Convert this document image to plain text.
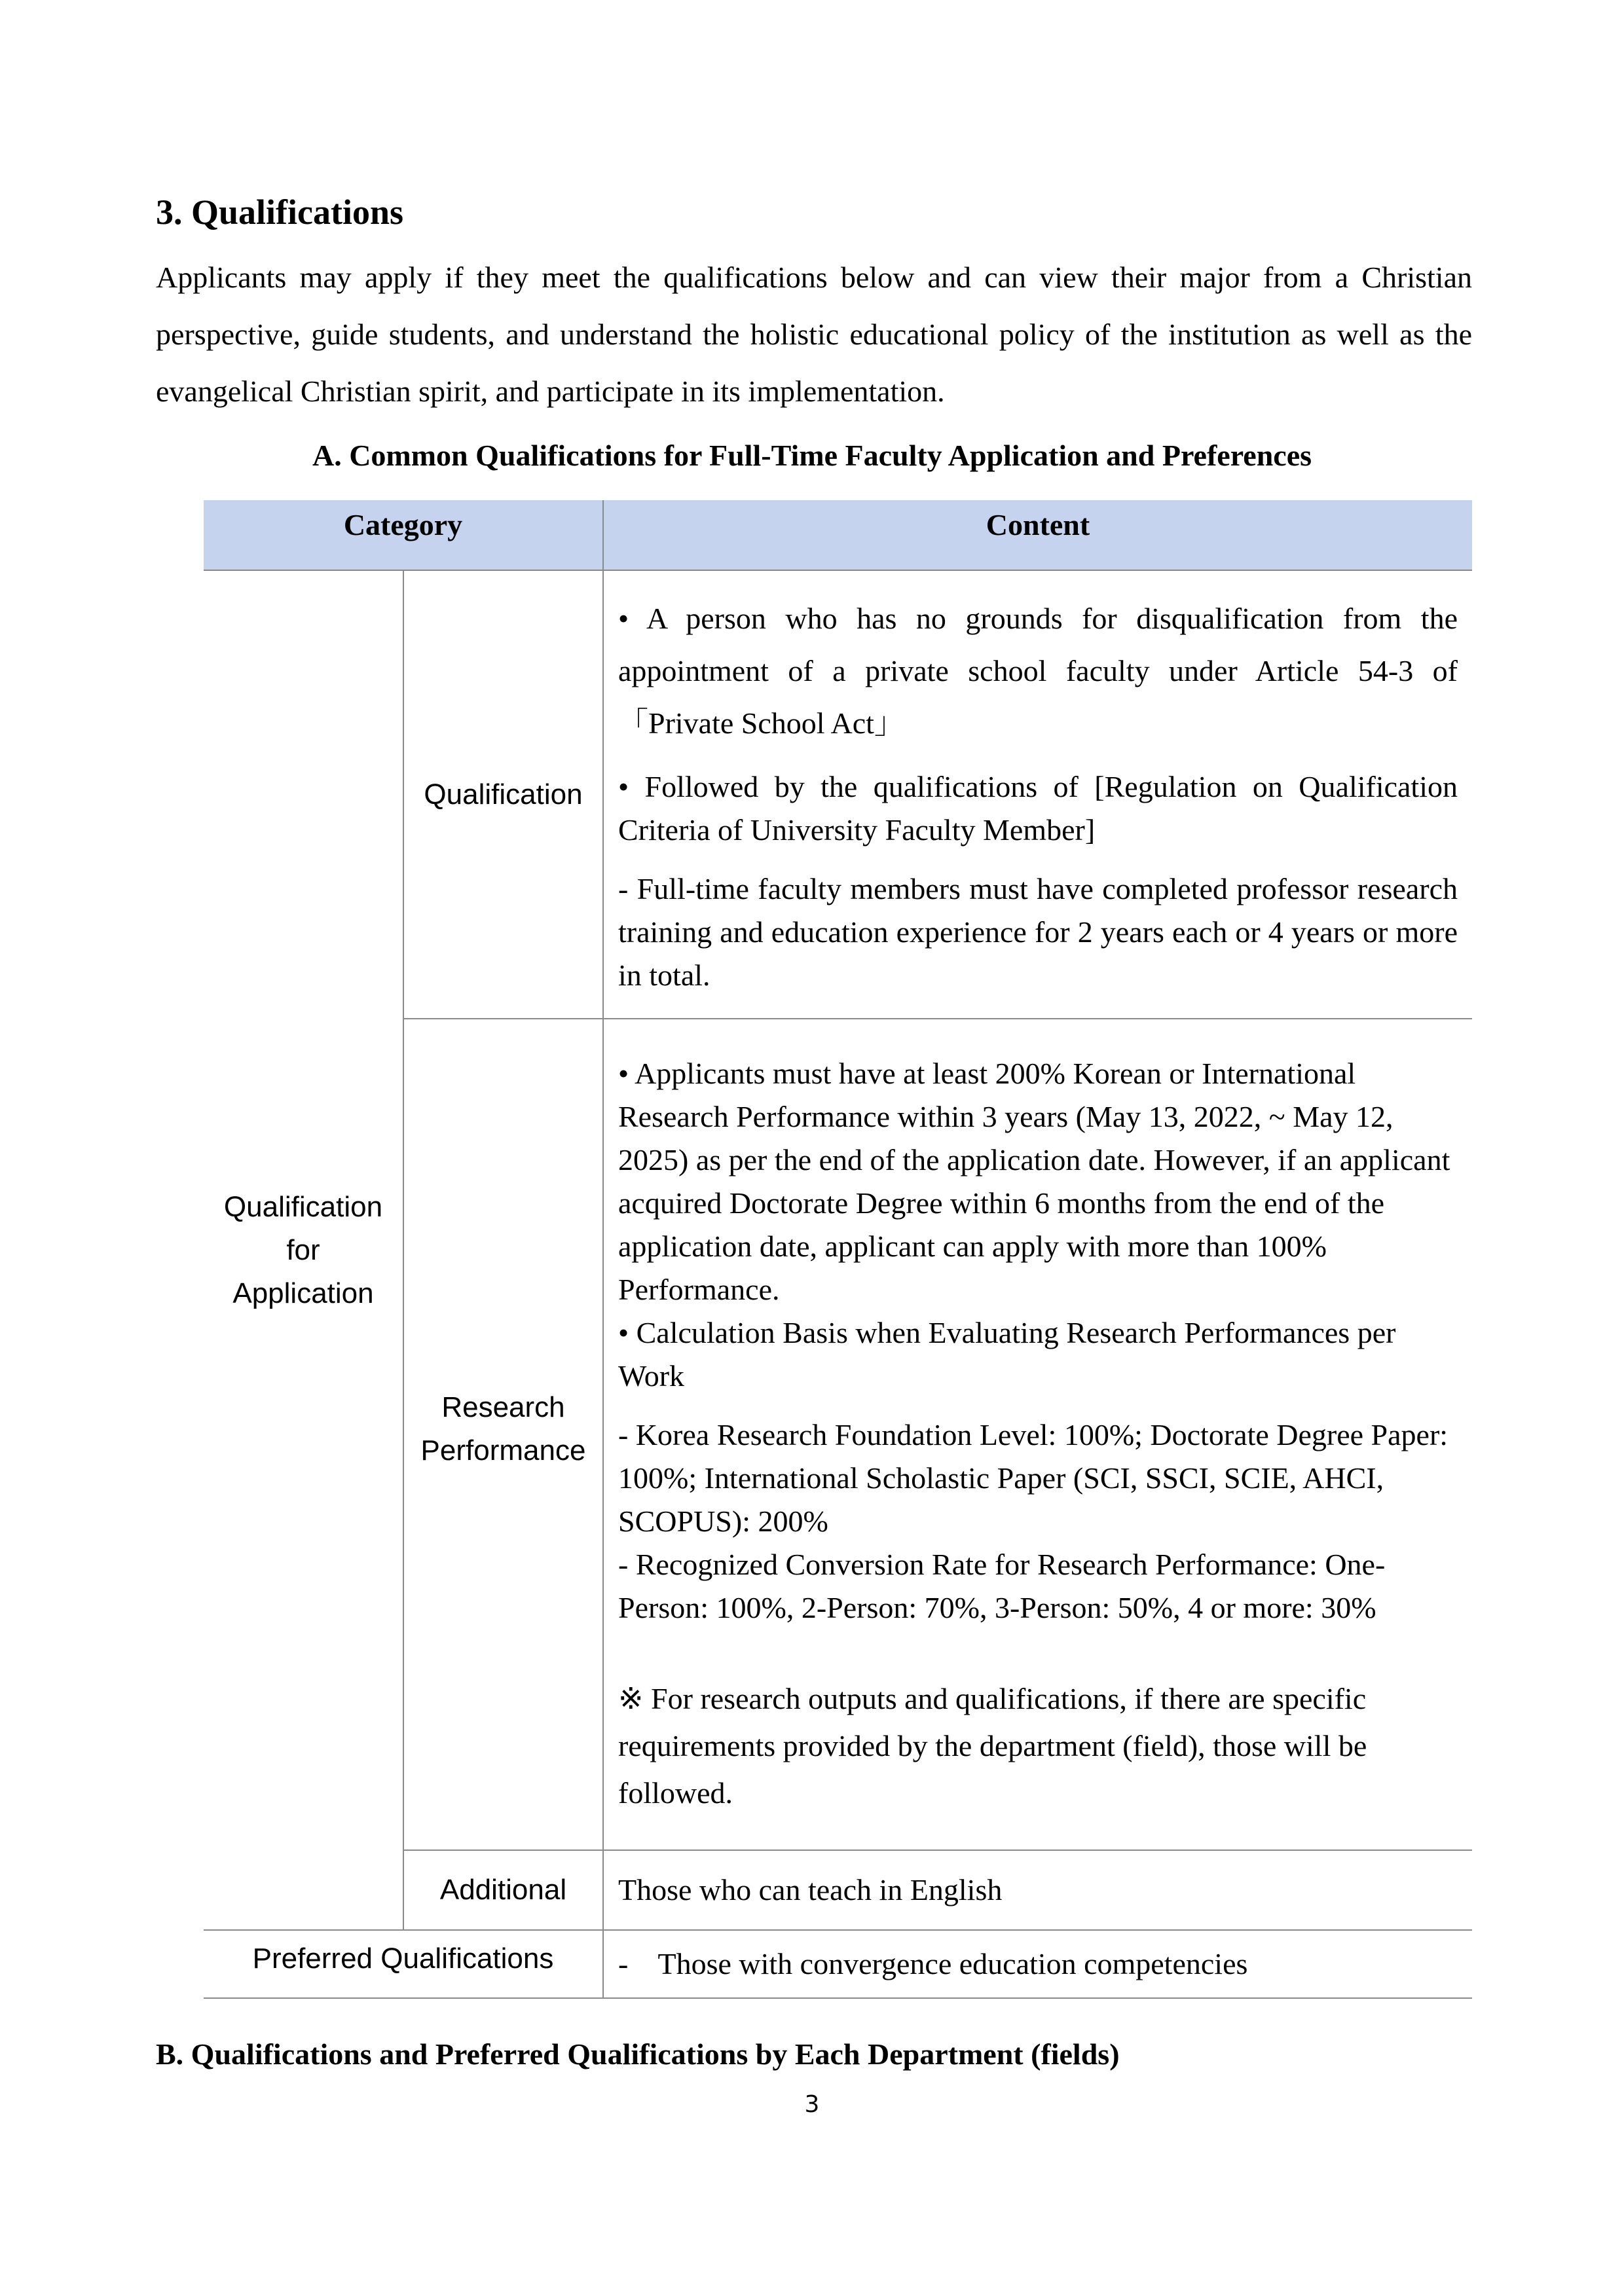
3. Qualifications
Applicants may apply if they meet the qualifications below and can view their major from a Christian perspective, guide students, and understand the holistic educational policy of the institution as well as the evangelical Christian spirit, and participate in its implementation.
A. Common Qualifications for Full-Time Faculty Application and Preferences
Category		Content
Qualification for Application	Qualification	• A person who has no grounds for disqualification from the appointment of a private school faculty under Article 54-3 of 「Private School Act」
• Followed by the qualifications of [Regulation on Qualification Criteria of University Faculty Member]
- Full-time faculty members must have completed professor research training and education experience for 2 years each or 4 years or more in total.

	Research Performance	• Applicants must have at least 200% Korean or International Research Performance within 3 years (May 13, 2022, ~ May 12, 2025) as per the end of the application date. However, if an applicant acquired Doctorate Degree within 6 months from the end of the application date, applicant can apply with more than 100% Performance.
• Calculation Basis when Evaluating Research Performances per Work
- Korea Research Foundation Level: 100%; Doctorate Degree Paper: 100%; International Scholastic Paper (SCI, SSCI, SCIE, AHCI, SCOPUS): 200%
- Recognized Conversion Rate for Research Performance: One-Person: 100%, 2-Person: 70%, 3-Person: 50%, 4 or more: 30%
※ For research outputs and qualifications, if there are specific requirements provided by the department (field), those will be followed.

	Additional	Those who can teach in English
Preferred Qualifications		-    Those with convergence education competencies
B. Qualifications and Preferred Qualifications by Each Department (fields)
3
